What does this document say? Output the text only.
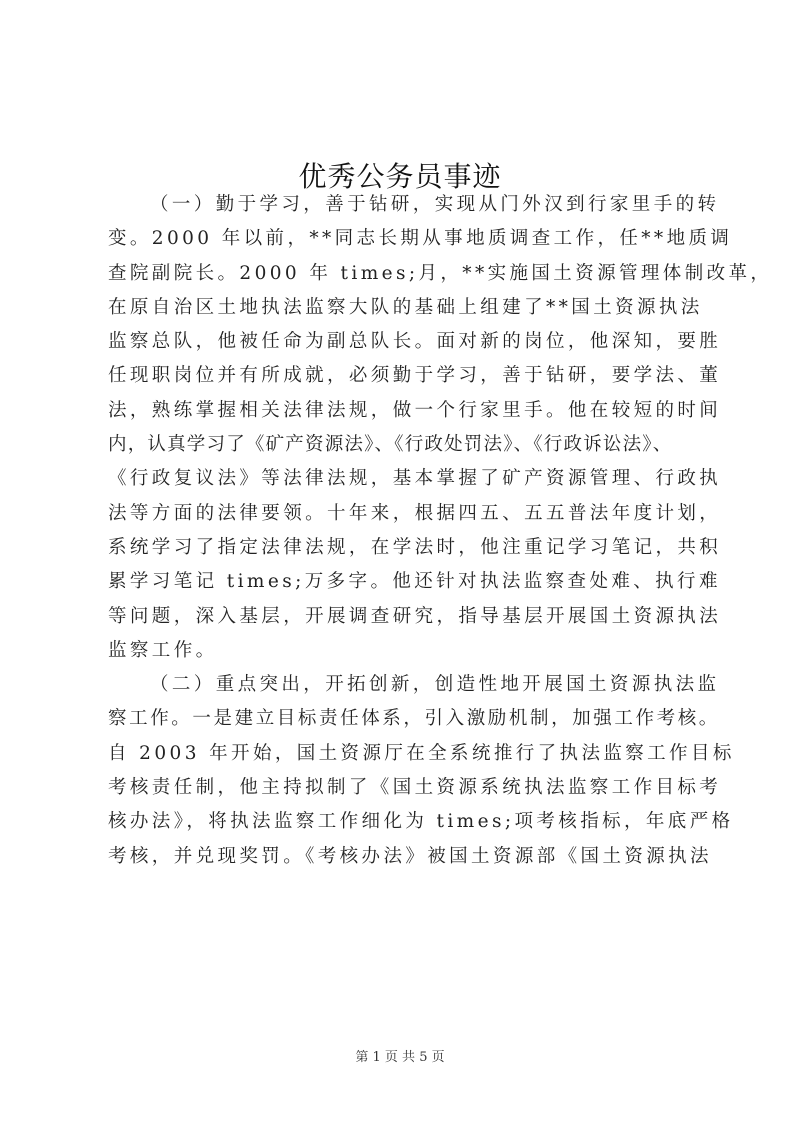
优秀公务员事迹
（一）勤于学习，善于钻研，实现从门外汉到行家里手的转
变。2000 年以前，**同志长期从事地质调查工作，任**地质调
查院副院长。2000 年 times;月，**实施国土资源管理体制改革，
在原自治区土地执法监察大队的基础上组建了**国土资源执法
监察总队，他被任命为副总队长。面对新的岗位，他深知，要胜
任现职岗位并有所成就，必须勤于学习，善于钻研，要学法、董
法，熟练掌握相关法律法规，做一个行家里手。他在较短的时间
内，认真学习了《矿产资源法》、《行政处罚法》、《行政诉讼法》、
《行政复议法》等法律法规，基本掌握了矿产资源管理、行政执
法等方面的法律要领。十年来，根据四五、五五普法年度计划，
系统学习了指定法律法规，在学法时，他注重记学习笔记，共积
累学习笔记 times;万多字。他还针对执法监察查处难、执行难
等问题，深入基层，开展调查研究，指导基层开展国土资源执法
监察工作。
（二）重点突出，开拓创新，创造性地开展国土资源执法监
察工作。一是建立目标责任体系，引入激励机制，加强工作考核。
自 2003 年开始，国土资源厅在全系统推行了执法监察工作目标
考核责任制，他主持拟制了《国土资源系统执法监察工作目标考
核办法》，将执法监察工作细化为 times;项考核指标，年底严格
考核，并兑现奖罚。《考核办法》被国土资源部《国土资源执法
第 1 页 共 5 页
